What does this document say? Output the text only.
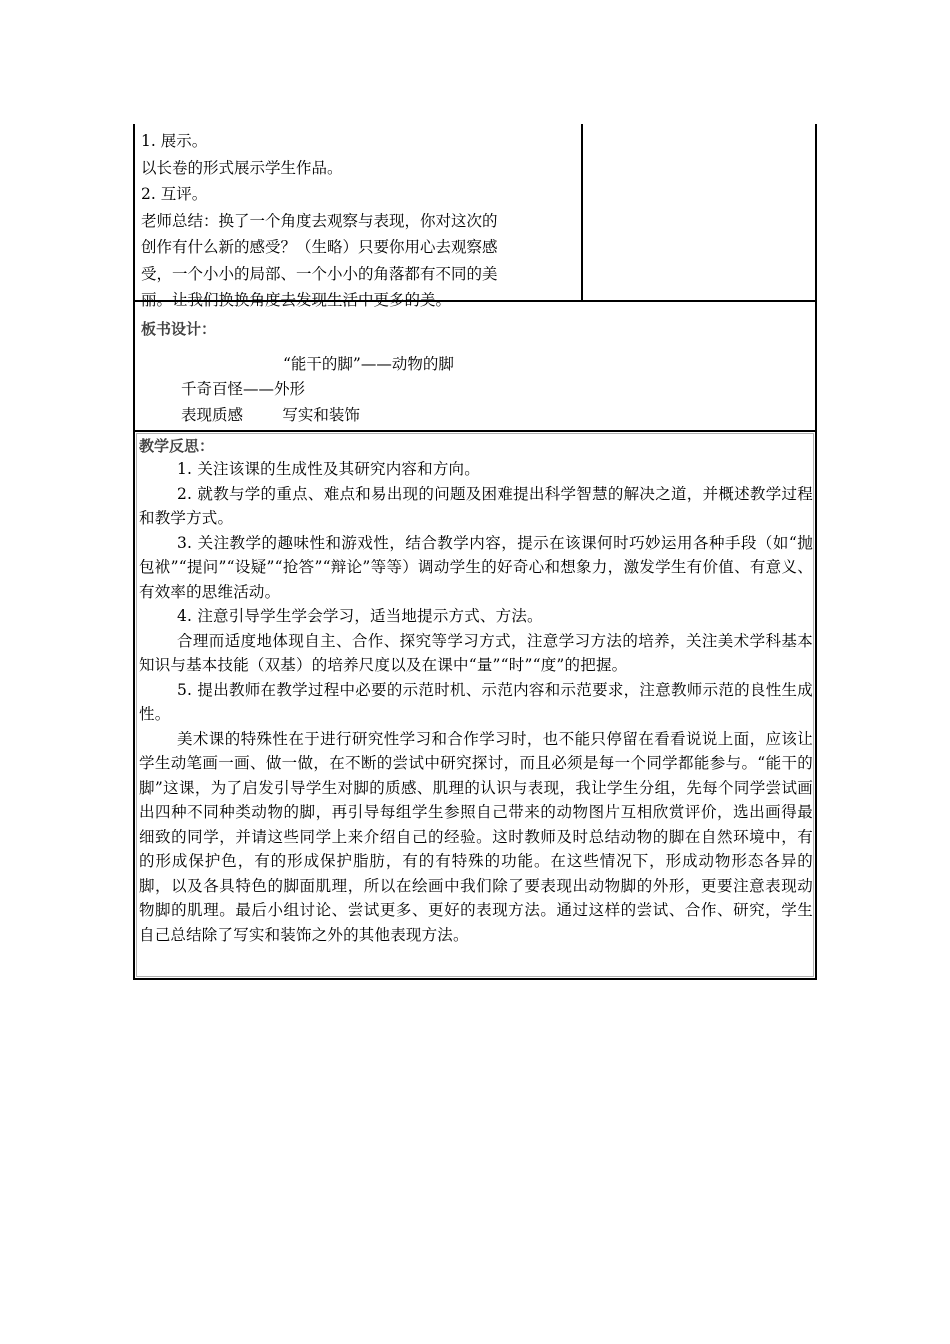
1. 展示。
以长卷的形式展示学生作品。
2. 互评。
老师总结：换了一个角度去观察与表现，你对这次的
创作有什么新的感受？（生略）只要你用心去观察感
受，一个小小的局部、一个小小的角落都有不同的美
丽。让我们换换角度去发现生活中更多的美。
板书设计：
“能干的脚”——动物的脚
千奇百怪——外形
表现质感        写实和装饰
教学反思：

1. 关注该课的生成性及其研究内容和方向。

2. 就教与学的重点、难点和易出现的问题及困难提出科学智慧的解决之道，并概述教学过程和教学方式。

3. 关注教学的趣味性和游戏性，结合教学内容，提示在该课何时巧妙运用各种手段（如“抛包袱”“提问”“设疑”“抢答”“辩论”等等）调动学生的好奇心和想象力，激发学生有价值、有意义、有效率的思维活动。

4. 注意引导学生学会学习，适当地提示方式、方法。

合理而适度地体现自主、合作、探究等学习方式，注意学习方法的培养，关注美术学科基本知识与基本技能（双基）的培养尺度以及在课中“量”“时”“度”的把握。

5. 提出教师在教学过程中必要的示范时机、示范内容和示范要求，注意教师示范的良性生成性。

美术课的特殊性在于进行研究性学习和合作学习时，也不能只停留在看看说说上面，应该让学生动笔画一画、做一做，在不断的尝试中研究探讨，而且必须是每一个同学都能参与。“能干的脚”这课，为了启发引导学生对脚的质感、肌理的认识与表现，我让学生分组，先每个同学尝试画出四种不同种类动物的脚，再引导每组学生参照自己带来的动物图片互相欣赏评价，选出画得最细致的同学，并请这些同学上来介绍自己的经验。这时教师及时总结动物的脚在自然环境中，有的形成保护色，有的形成保护脂肪，有的有特殊的功能。在这些情况下，形成动物形态各异的脚，以及各具特色的脚面肌理，所以在绘画中我们除了要表现出动物脚的外形，更要注意表现动物脚的肌理。最后小组讨论、尝试更多、更好的表现方法。通过这样的尝试、合作、研究，学生自己总结除了写实和装饰之外的其他表现方法。
